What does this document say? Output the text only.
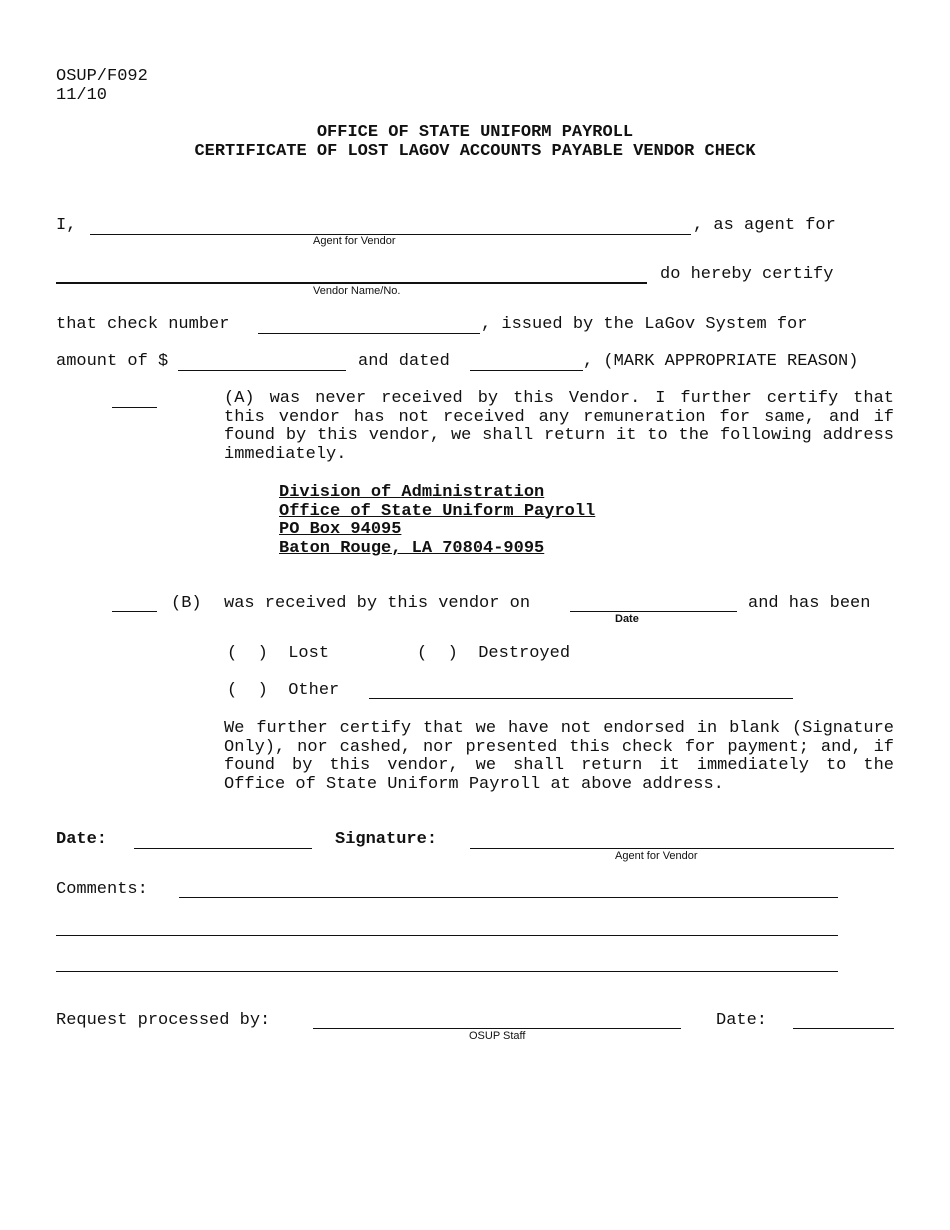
OSUP/F092
11/10
OFFICE OF STATE UNIFORM PAYROLL
CERTIFICATE OF LOST LAGOV ACCOUNTS PAYABLE VENDOR CHECK
I,	, as agent for
Agent for Vendor
do hereby certify
Vendor Name/No.
that check number	, issued by the LaGov System for
amount of $	and dated	, (MARK APPROPRIATE REASON)
(A) was never received by this Vendor. I further certify that this vendor has not received any remuneration for same, and if found by this vendor, we shall return it to the following address immediately.
Division of Administration
Office of State Uniform Payroll
PO Box 94095
Baton Rouge, LA 70804-9095
(B) was received by this vendor on	and has been
Date
(  )  Lost	(  )  Destroyed
(  )  Other
We further certify that we have not endorsed in blank (Signature Only), nor cashed, nor presented this check for payment; and, if found by this vendor, we shall return it immediately to the Office of State Uniform Payroll at above address.
Date:	Signature:
Agent for Vendor
Comments:
Request processed by:
OSUP Staff
Date:
